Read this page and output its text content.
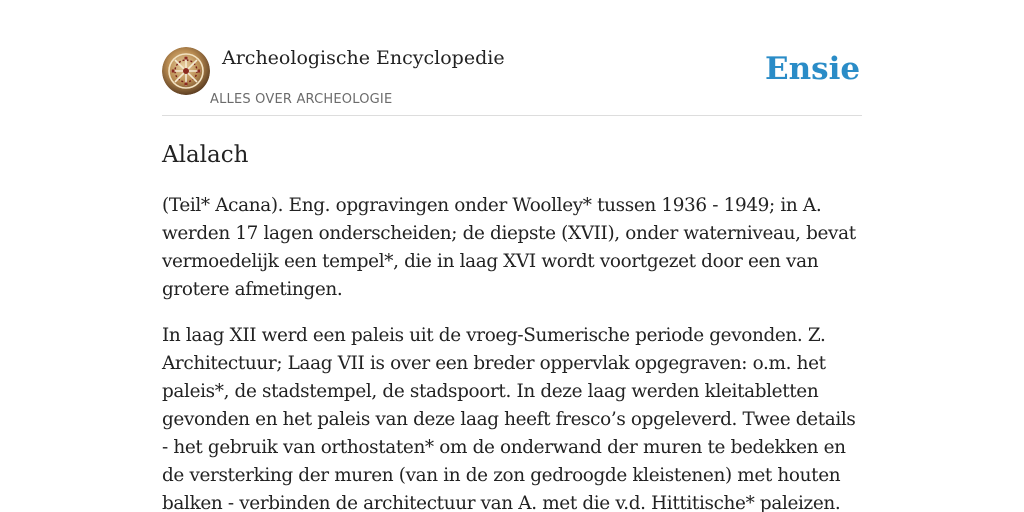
Archeologische Encyclopedie
ALLES OVER ARCHEOLOGIE
Ensie
Alalach

(Teil* Acana). Eng. opgravingen onder Woolley* tussen 1936 - 1949; in A. werden 17 lagen onderscheiden; de diepste (XVII), onder waterniveau, bevat vermoedelijk een tempel*, die in laag XVI wordt voortgezet door een van grotere afmetingen.

In laag XII werd een paleis uit de vroeg-Sumerische periode gevonden. Z. Architectuur; Laag VII is over een breder oppervlak opgegraven: o.m. het paleis*, de stadstempel, de stadspoort. In deze laag werden kleitabletten gevonden en het paleis van deze laag heeft fresco’s opgeleverd. Twee details - het gebruik van orthostaten* om de onderwand der muren te bedekken en de versterking der muren (van in de zon gedroogde kleistenen) met houten balken - verbinden de architectuur van A. met die v.d. Hittitische* paleizen.
